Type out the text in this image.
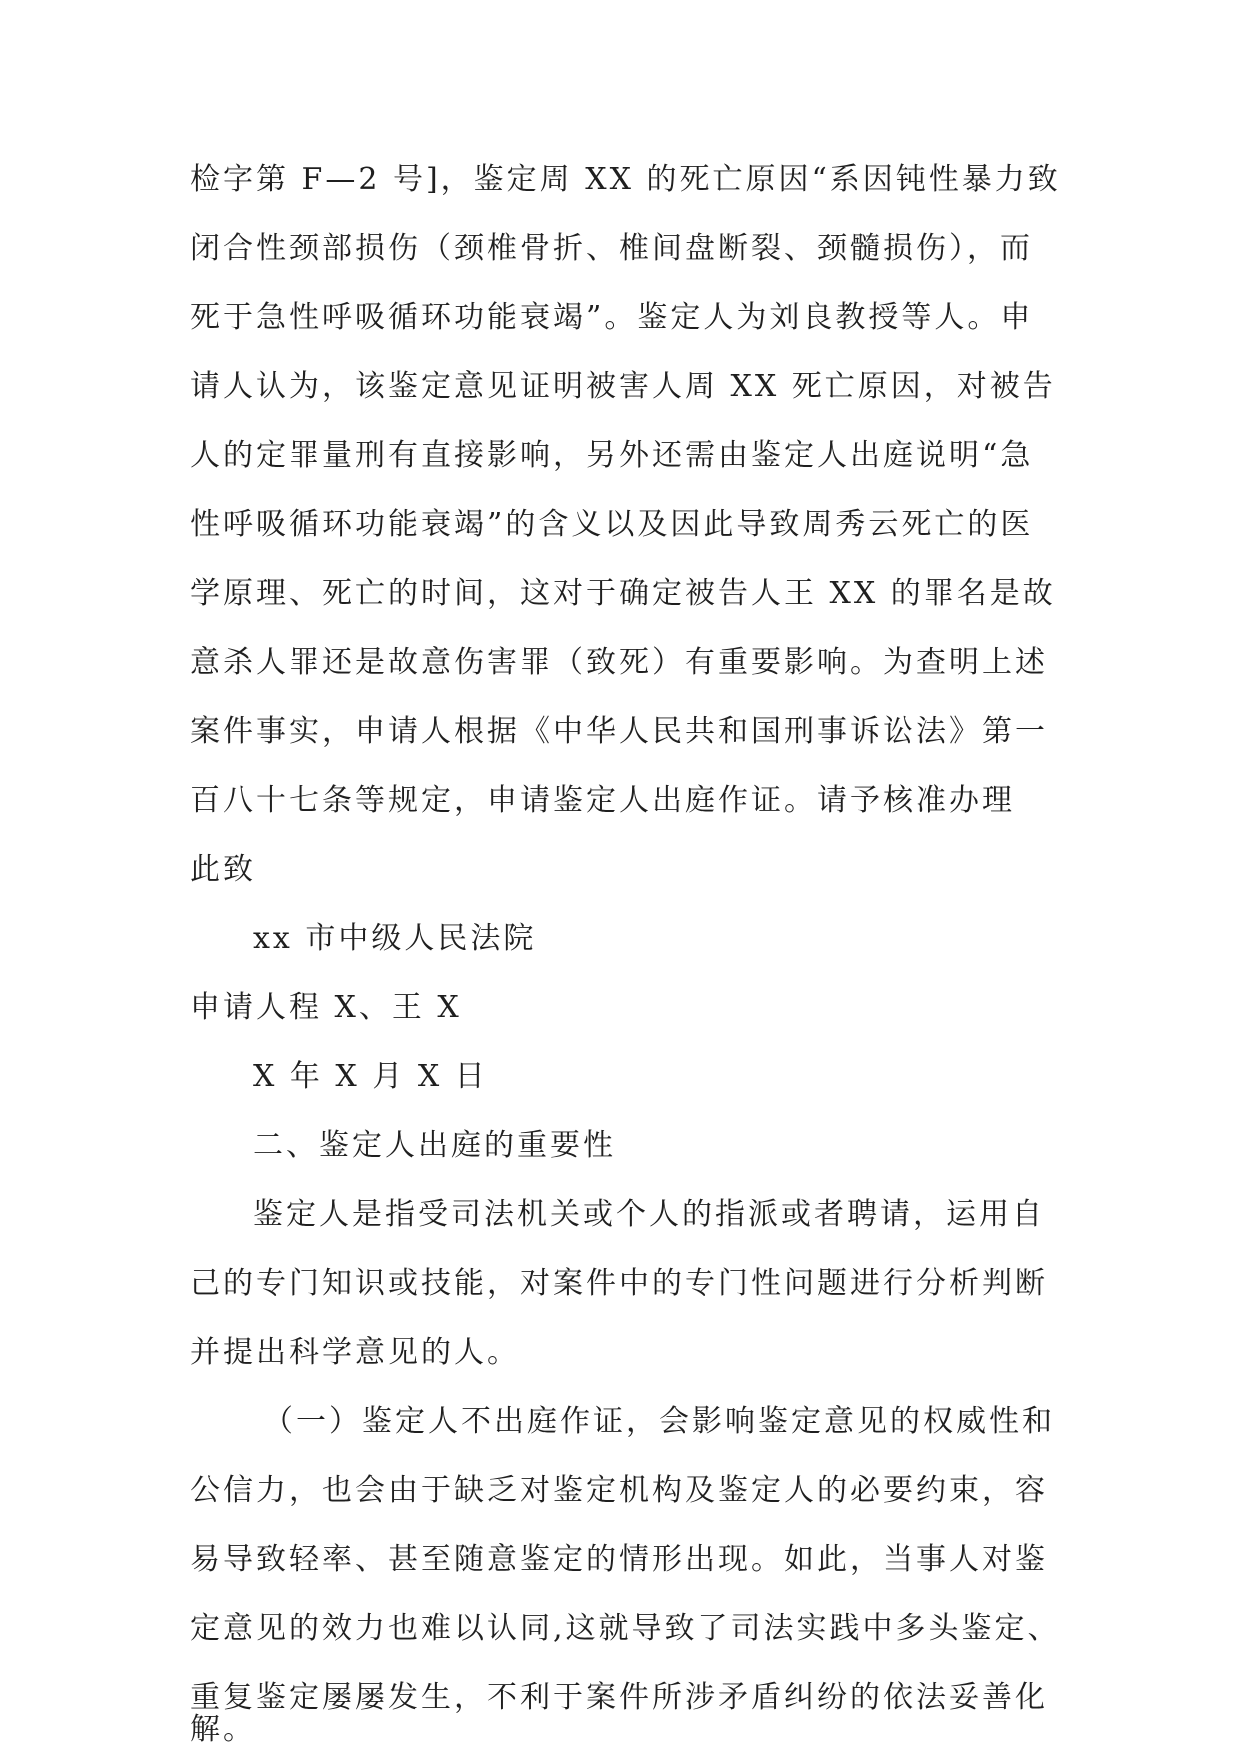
检字第 F—2 号]，鉴定周 XX 的死亡原因“系因钝性暴力致
闭合性颈部损伤（颈椎骨折、椎间盘断裂、颈髓损伤），而
死于急性呼吸循环功能衰竭”。鉴定人为刘良教授等人。申
请人认为，该鉴定意见证明被害人周 XX 死亡原因，对被告
人的定罪量刑有直接影响，另外还需由鉴定人出庭说明“急
性呼吸循环功能衰竭”的含义以及因此导致周秀云死亡的医
学原理、死亡的时间，这对于确定被告人王 XX 的罪名是故
意杀人罪还是故意伤害罪（致死）有重要影响。为查明上述
案件事实，申请人根据《中华人民共和国刑事诉讼法》第一
百八十七条等规定，申请鉴定人出庭作证。请予核准办理
此致
xx 市中级人民法院
申请人程 X、王 X
X 年 X 月 X 日
二、鉴定人出庭的重要性
鉴定人是指受司法机关或个人的指派或者聘请，运用自
己的专门知识或技能，对案件中的专门性问题进行分析判断
并提出科学意见的人。
（一）鉴定人不出庭作证，会影响鉴定意见的权威性和
公信力，也会由于缺乏对鉴定机构及鉴定人的必要约束，容
易导致轻率、甚至随意鉴定的情形出现。如此，当事人对鉴
定意见的效力也难以认同,这就导致了司法实践中多头鉴定、
重复鉴定屡屡发生，不利于案件所涉矛盾纠纷的依法妥善化
解。
